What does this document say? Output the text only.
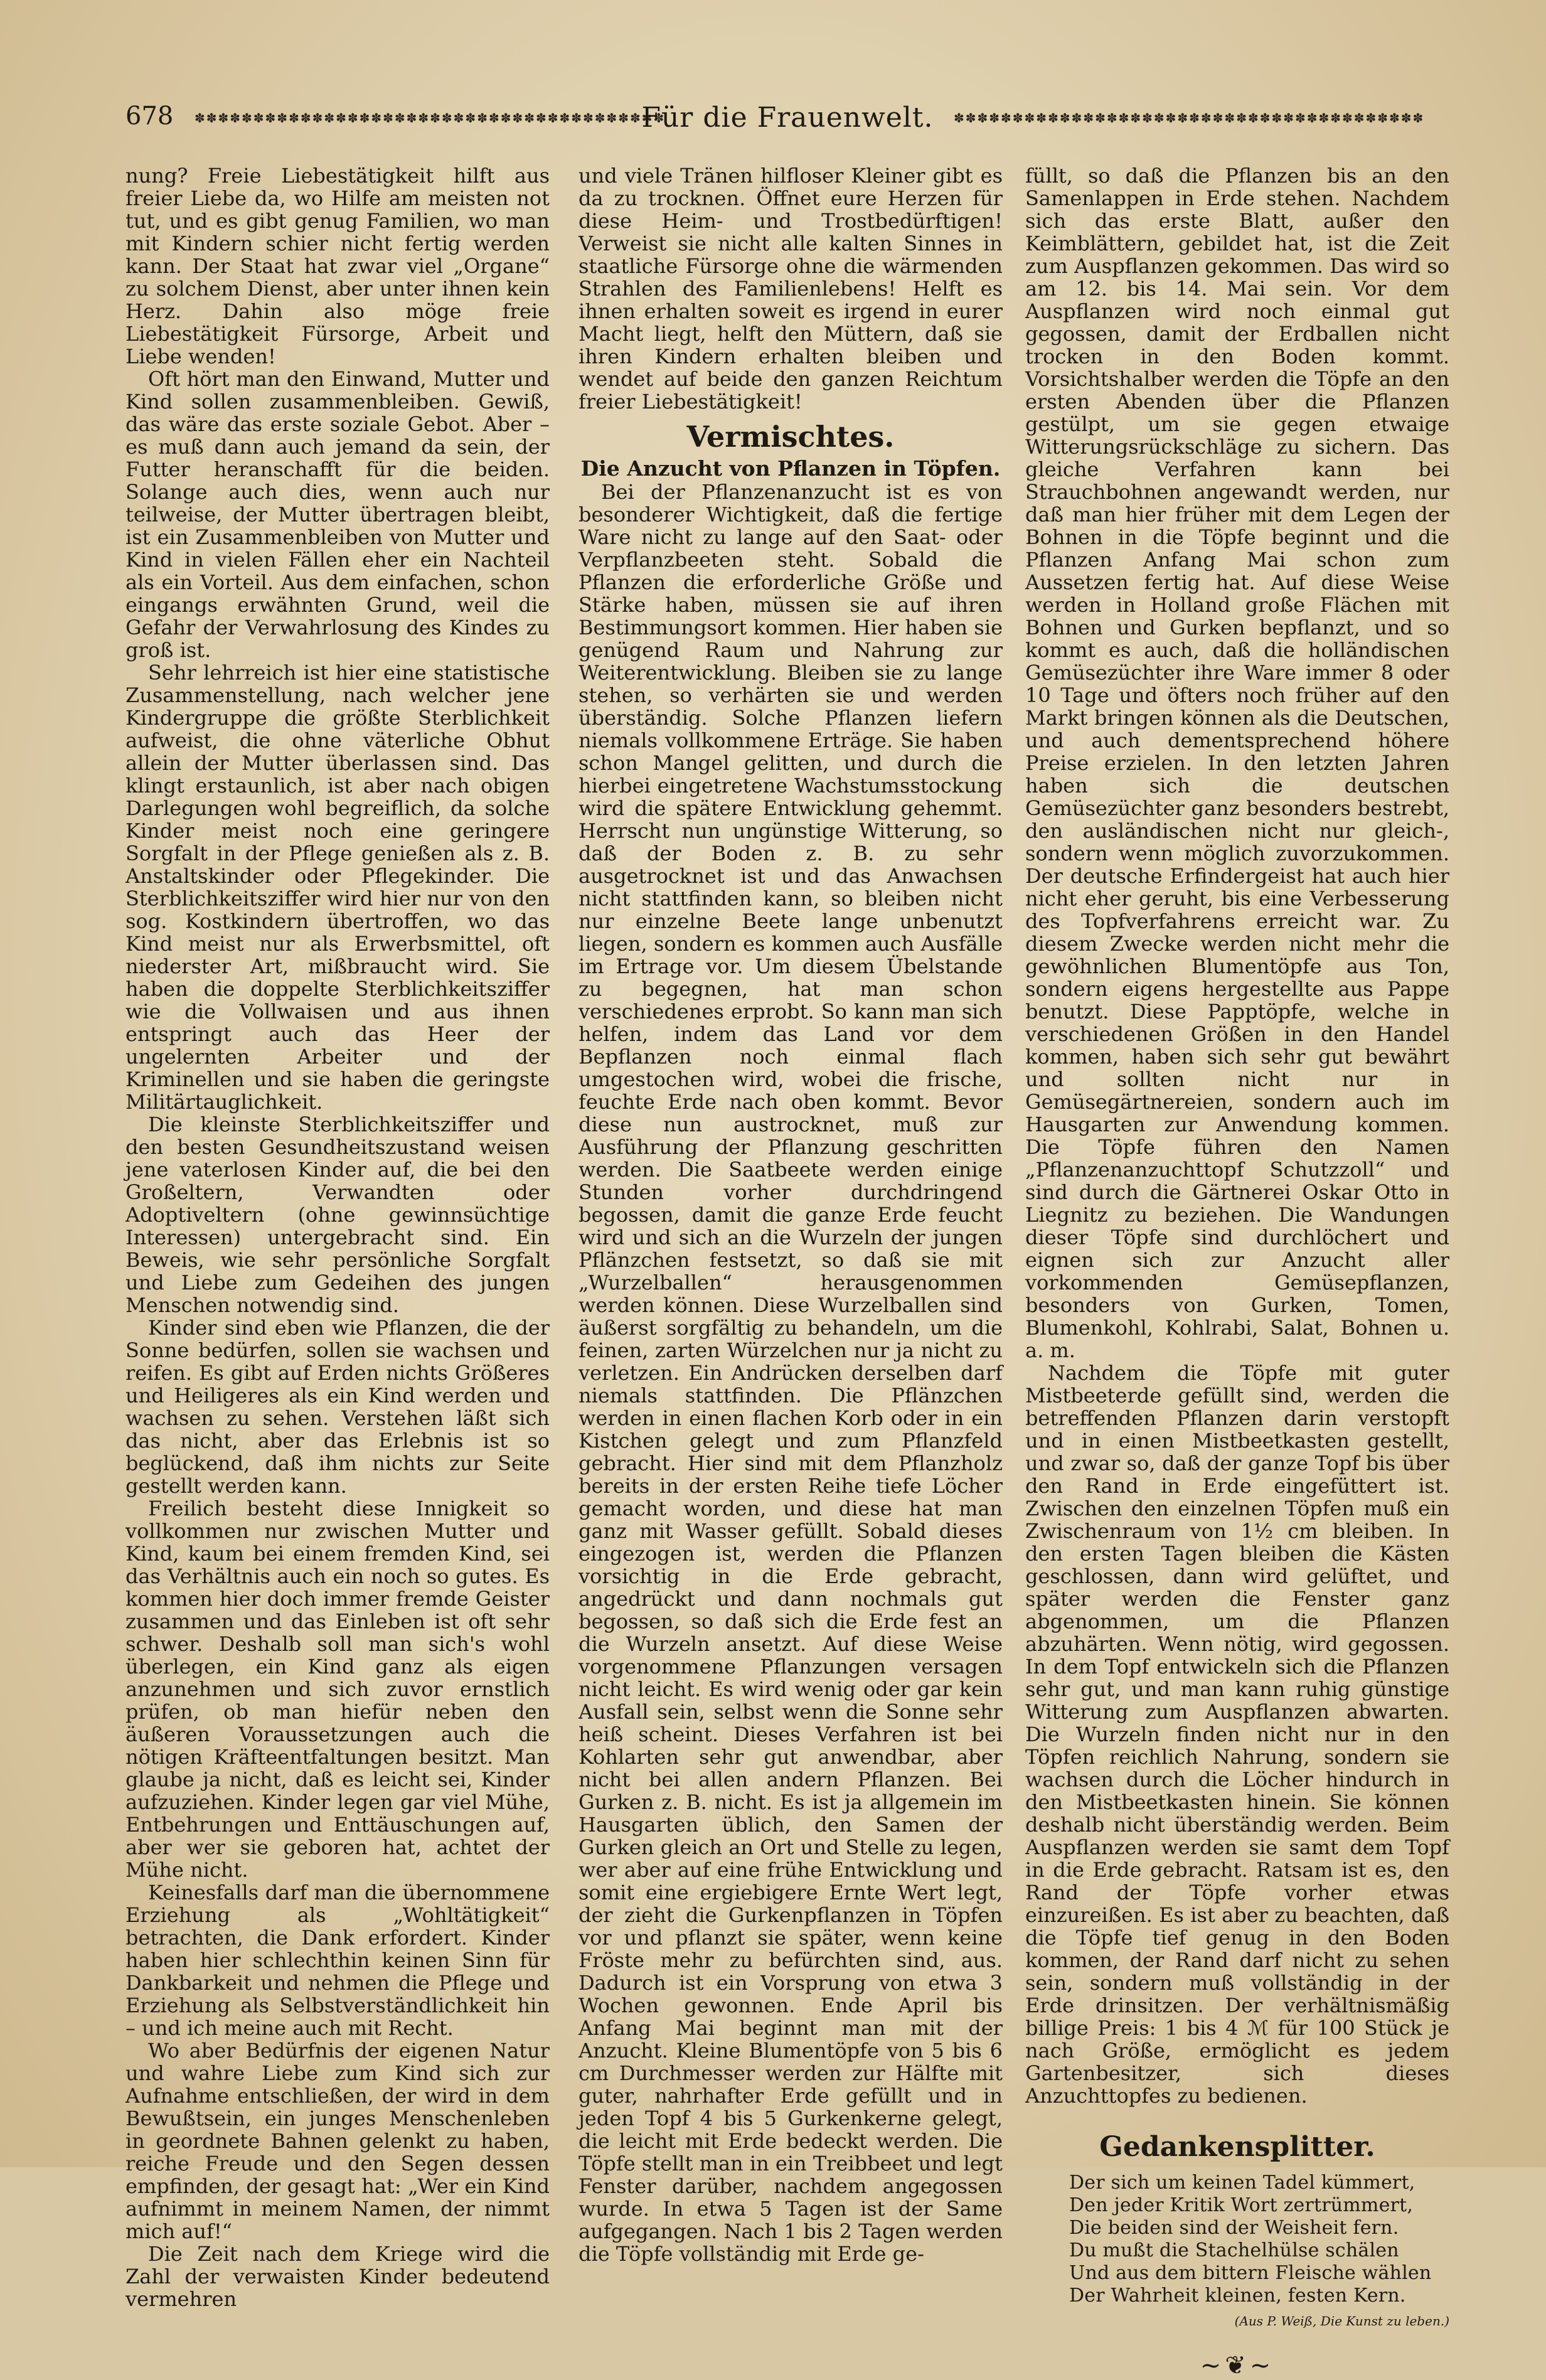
678 ✽✽✽✽✽✽✽✽✽✽✽✽✽✽✽✽✽✽✽✽✽✽✽✽✽✽✽✽✽✽✽✽✽✽✽✽✽✽✽✽
Für die Frauenwelt.	✽✽✽✽✽✽✽✽✽✽✽✽✽✽✽✽✽✽✽✽✽✽✽✽✽✽✽✽✽✽✽✽✽✽✽✽✽✽✽✽

nung? Freie Liebestätigkeit hilft aus freier Liebe da, wo Hilfe am meisten not tut, und es gibt genug Familien, wo man mit Kindern schier nicht fertig werden kann. Der Staat hat zwar viel „Organe“ zu solchem Dienst, aber unter ihnen kein Herz. Dahin also möge freie Liebestätigkeit Fürsorge, Arbeit und Liebe wenden!

Oft hört man den Einwand, Mutter und Kind sollen zusammenbleiben. Gewiß, das wäre das erste soziale Gebot. Aber – es muß dann auch jemand da sein, der Futter heranschafft für die beiden. Solange auch dies, wenn auch nur teilweise, der Mutter übertragen bleibt, ist ein Zusammenbleiben von Mutter und Kind in vielen Fällen eher ein Nachteil als ein Vorteil. Aus dem einfachen, schon eingangs erwähnten Grund, weil die Gefahr der Verwahrlosung des Kindes zu groß ist.

Sehr lehrreich ist hier eine statistische Zusammenstellung, nach welcher jene Kindergruppe die größte Sterblichkeit aufweist, die ohne väterliche Obhut allein der Mutter überlassen sind. Das klingt erstaunlich, ist aber nach obigen Darlegungen wohl begreiflich, da solche Kinder meist noch eine geringere Sorgfalt in der Pflege genießen als z. B. Anstaltskinder oder Pflegekinder. Die Sterblichkeitsziffer wird hier nur von den sog. Kostkindern übertroffen, wo das Kind meist nur als Erwerbsmittel, oft niederster Art, mißbraucht wird. Sie haben die doppelte Sterblichkeitsziffer wie die Vollwaisen und aus ihnen entspringt auch das Heer der ungelernten Arbeiter und der Kriminellen und sie haben die geringste Militärtauglichkeit.

Die kleinste Sterblichkeitsziffer und den besten Gesundheitszustand weisen jene vaterlosen Kinder auf, die bei den Großeltern, Verwandten oder Adoptiveltern (ohne gewinnsüchtige Interessen) untergebracht sind. Ein Beweis, wie sehr persönliche Sorgfalt und Liebe zum Gedeihen des jungen Menschen notwendig sind.

Kinder sind eben wie Pflanzen, die der Sonne bedürfen, sollen sie wachsen und reifen. Es gibt auf Erden nichts Größeres und Heiligeres als ein Kind werden und wachsen zu sehen. Verstehen läßt sich das nicht, aber das Erlebnis ist so beglückend, daß ihm nichts zur Seite gestellt werden kann.

Freilich besteht diese Innigkeit so vollkommen nur zwischen Mutter und Kind, kaum bei einem fremden Kind, sei das Verhältnis auch ein noch so gutes. Es kommen hier doch immer fremde Geister zusammen und das Einleben ist oft sehr schwer. Deshalb soll man sich's wohl überlegen, ein Kind ganz als eigen anzunehmen und sich zuvor ernstlich prüfen, ob man hiefür neben den äußeren Voraussetzungen auch die nötigen Kräfteentfaltungen besitzt. Man glaube ja nicht, daß es leicht sei, Kinder aufzuziehen. Kinder legen gar viel Mühe, Entbehrungen und Enttäuschungen auf, aber wer sie geboren hat, achtet der Mühe nicht.

Keinesfalls darf man die übernommene Erziehung als „Wohltätigkeit“ betrachten, die Dank erfordert. Kinder haben hier schlechthin keinen Sinn für Dankbarkeit und nehmen die Pflege und Erziehung als Selbstverständlichkeit hin – und ich meine auch mit Recht.

Wo aber Bedürfnis der eigenen Natur und wahre Liebe zum Kind sich zur Aufnahme entschließen, der wird in dem Bewußtsein, ein junges Menschenleben in geordnete Bahnen gelenkt zu haben, reiche Freude und den Segen dessen empfinden, der gesagt hat: „Wer ein Kind aufnimmt in meinem Namen, der nimmt mich auf!“

Die Zeit nach dem Kriege wird die Zahl der verwaisten Kinder bedeutend vermehren

und viele Tränen hilfloser Kleiner gibt es da zu trocknen. Öffnet eure Herzen für diese Heim- und Trostbedürftigen! Verweist sie nicht alle kalten Sinnes in staatliche Fürsorge ohne die wärmenden Strahlen des Familienlebens! Helft es ihnen erhalten soweit es irgend in eurer Macht liegt, helft den Müttern, daß sie ihren Kindern erhalten bleiben und wendet auf beide den ganzen Reichtum freier Liebestätigkeit!

Vermischtes.
Die Anzucht von Pflanzen in Töpfen.

Bei der Pflanzenanzucht ist es von besonderer Wichtigkeit, daß die fertige Ware nicht zu lange auf den Saat- oder Verpflanzbeeten steht. Sobald die Pflanzen die erforderliche Größe und Stärke haben, müssen sie auf ihren Bestimmungsort kommen. Hier haben sie genügend Raum und Nahrung zur Weiterentwicklung. Bleiben sie zu lange stehen, so verhärten sie und werden überständig. Solche Pflanzen liefern niemals vollkommene Erträge. Sie haben schon Mangel gelitten, und durch die hierbei eingetretene Wachstumsstockung wird die spätere Entwicklung gehemmt. Herrscht nun ungünstige Witterung, so daß der Boden z. B. zu sehr ausgetrocknet ist und das Anwachsen nicht stattfinden kann, so bleiben nicht nur einzelne Beete lange unbenutzt liegen, sondern es kommen auch Ausfälle im Ertrage vor. Um diesem Übelstande zu begegnen, hat man schon verschiedenes erprobt. So kann man sich helfen, indem das Land vor dem Bepflanzen noch einmal flach umgestochen wird, wobei die frische, feuchte Erde nach oben kommt. Bevor diese nun austrocknet, muß zur Ausführung der Pflanzung geschritten werden. Die Saatbeete werden einige Stunden vorher durchdringend begossen, damit die ganze Erde feucht wird und sich an die Wurzeln der jungen Pflänzchen festsetzt, so daß sie mit „Wurzelballen“ herausgenommen werden können. Diese Wurzelballen sind äußerst sorgfältig zu behandeln, um die feinen, zarten Würzelchen nur ja nicht zu verletzen. Ein Andrücken derselben darf niemals stattfinden. Die Pflänzchen werden in einen flachen Korb oder in ein Kistchen gelegt und zum Pflanzfeld gebracht. Hier sind mit dem Pflanzholz bereits in der ersten Reihe tiefe Löcher gemacht worden, und diese hat man ganz mit Wasser gefüllt. Sobald dieses eingezogen ist, werden die Pflanzen vorsichtig in die Erde gebracht, angedrückt und dann nochmals gut begossen, so daß sich die Erde fest an die Wurzeln ansetzt. Auf diese Weise vorgenommene Pflanzungen versagen nicht leicht. Es wird wenig oder gar kein Ausfall sein, selbst wenn die Sonne sehr heiß scheint. Dieses Verfahren ist bei Kohlarten sehr gut anwendbar, aber nicht bei allen andern Pflanzen. Bei Gurken z. B. nicht. Es ist ja allgemein im Hausgarten üblich, den Samen der Gurken gleich an Ort und Stelle zu legen, wer aber auf eine frühe Entwicklung und somit eine ergiebigere Ernte Wert legt, der zieht die Gurkenpflanzen in Töpfen vor und pflanzt sie später, wenn keine Fröste mehr zu befürchten sind, aus. Dadurch ist ein Vorsprung von etwa 3 Wochen gewonnen. Ende April bis Anfang Mai beginnt man mit der Anzucht. Kleine Blumentöpfe von 5 bis 6 cm Durchmesser werden zur Hälfte mit guter, nahrhafter Erde gefüllt und in jeden Topf 4 bis 5 Gurkenkerne gelegt, die leicht mit Erde bedeckt werden. Die Töpfe stellt man in ein Treibbeet und legt Fenster darüber, nachdem angegossen wurde. In etwa 5 Tagen ist der Same aufgegangen. Nach 1 bis 2 Tagen werden die Töpfe vollständig mit Erde ge-

füllt, so daß die Pflanzen bis an den Samenlappen in Erde stehen. Nachdem sich das erste Blatt, außer den Keimblättern, gebildet hat, ist die Zeit zum Auspflanzen gekommen. Das wird so am 12. bis 14. Mai sein. Vor dem Auspflanzen wird noch einmal gut gegossen, damit der Erdballen nicht trocken in den Boden kommt. Vorsichtshalber werden die Töpfe an den ersten Abenden über die Pflanzen gestülpt, um sie gegen etwaige Witterungsrückschläge zu sichern. Das gleiche Verfahren kann bei Strauchbohnen angewandt werden, nur daß man hier früher mit dem Legen der Bohnen in die Töpfe beginnt und die Pflanzen Anfang Mai schon zum Aussetzen fertig hat. Auf diese Weise werden in Holland große Flächen mit Bohnen und Gurken bepflanzt, und so kommt es auch, daß die holländischen Gemüsezüchter ihre Ware immer 8 oder 10 Tage und öfters noch früher auf den Markt bringen können als die Deutschen, und auch dementsprechend höhere Preise erzielen. In den letzten Jahren haben sich die deutschen Gemüsezüchter ganz besonders bestrebt, den ausländischen nicht nur gleich-, sondern wenn möglich zuvorzukommen. Der deutsche Erfindergeist hat auch hier nicht eher geruht, bis eine Verbesserung des Topfverfahrens erreicht war. Zu diesem Zwecke werden nicht mehr die gewöhnlichen Blumentöpfe aus Ton, sondern eigens hergestellte aus Pappe benutzt. Diese Papptöpfe, welche in verschiedenen Größen in den Handel kommen, haben sich sehr gut bewährt und sollten nicht nur in Gemüsegärtnereien, sondern auch im Hausgarten zur Anwendung kommen. Die Töpfe führen den Namen „Pflanzenanzuchttopf Schutzzoll“ und sind durch die Gärtnerei Oskar Otto in Liegnitz zu beziehen. Die Wandungen dieser Töpfe sind durchlöchert und eignen sich zur Anzucht aller vorkommenden Gemüsepflanzen, besonders von Gurken, Tomen, Blumenkohl, Kohlrabi, Salat, Bohnen u. a. m.

Nachdem die Töpfe mit guter Mistbeeterde gefüllt sind, werden die betreffenden Pflanzen darin verstopft und in einen Mistbeetkasten gestellt, und zwar so, daß der ganze Topf bis über den Rand in Erde eingefüttert ist. Zwischen den einzelnen Töpfen muß ein Zwischenraum von 1½ cm bleiben. In den ersten Tagen bleiben die Kästen geschlossen, dann wird gelüftet, und später werden die Fenster ganz abgenommen, um die Pflanzen abzuhärten. Wenn nötig, wird gegossen. In dem Topf entwickeln sich die Pflanzen sehr gut, und man kann ruhig günstige Witterung zum Auspflanzen abwarten. Die Wurzeln finden nicht nur in den Töpfen reichlich Nahrung, sondern sie wachsen durch die Löcher hindurch in den Mistbeetkasten hinein. Sie können deshalb nicht überständig werden. Beim Auspflanzen werden sie samt dem Topf in die Erde gebracht. Ratsam ist es, den Rand der Töpfe vorher etwas einzureißen. Es ist aber zu beachten, daß die Töpfe tief genug in den Boden kommen, der Rand darf nicht zu sehen sein, sondern muß vollständig in der Erde drinsitzen. Der verhältnismäßig billige Preis: 1 bis 4 ℳ für 100 Stück je nach Größe, ermöglicht es jedem Gartenbesitzer, sich dieses Anzuchttopfes zu bedienen.

Gedankensplitter.
Der sich um keinen Tadel kümmert,
Den jeder Kritik Wort zertrümmert,
Die beiden sind der Weisheit fern.
Du mußt die Stachelhülse schälen
Und aus dem bittern Fleische wählen
Der Wahrheit kleinen, festen Kern.
(Aus P. Weiß, Die Kunst zu leben.)
~❦~
